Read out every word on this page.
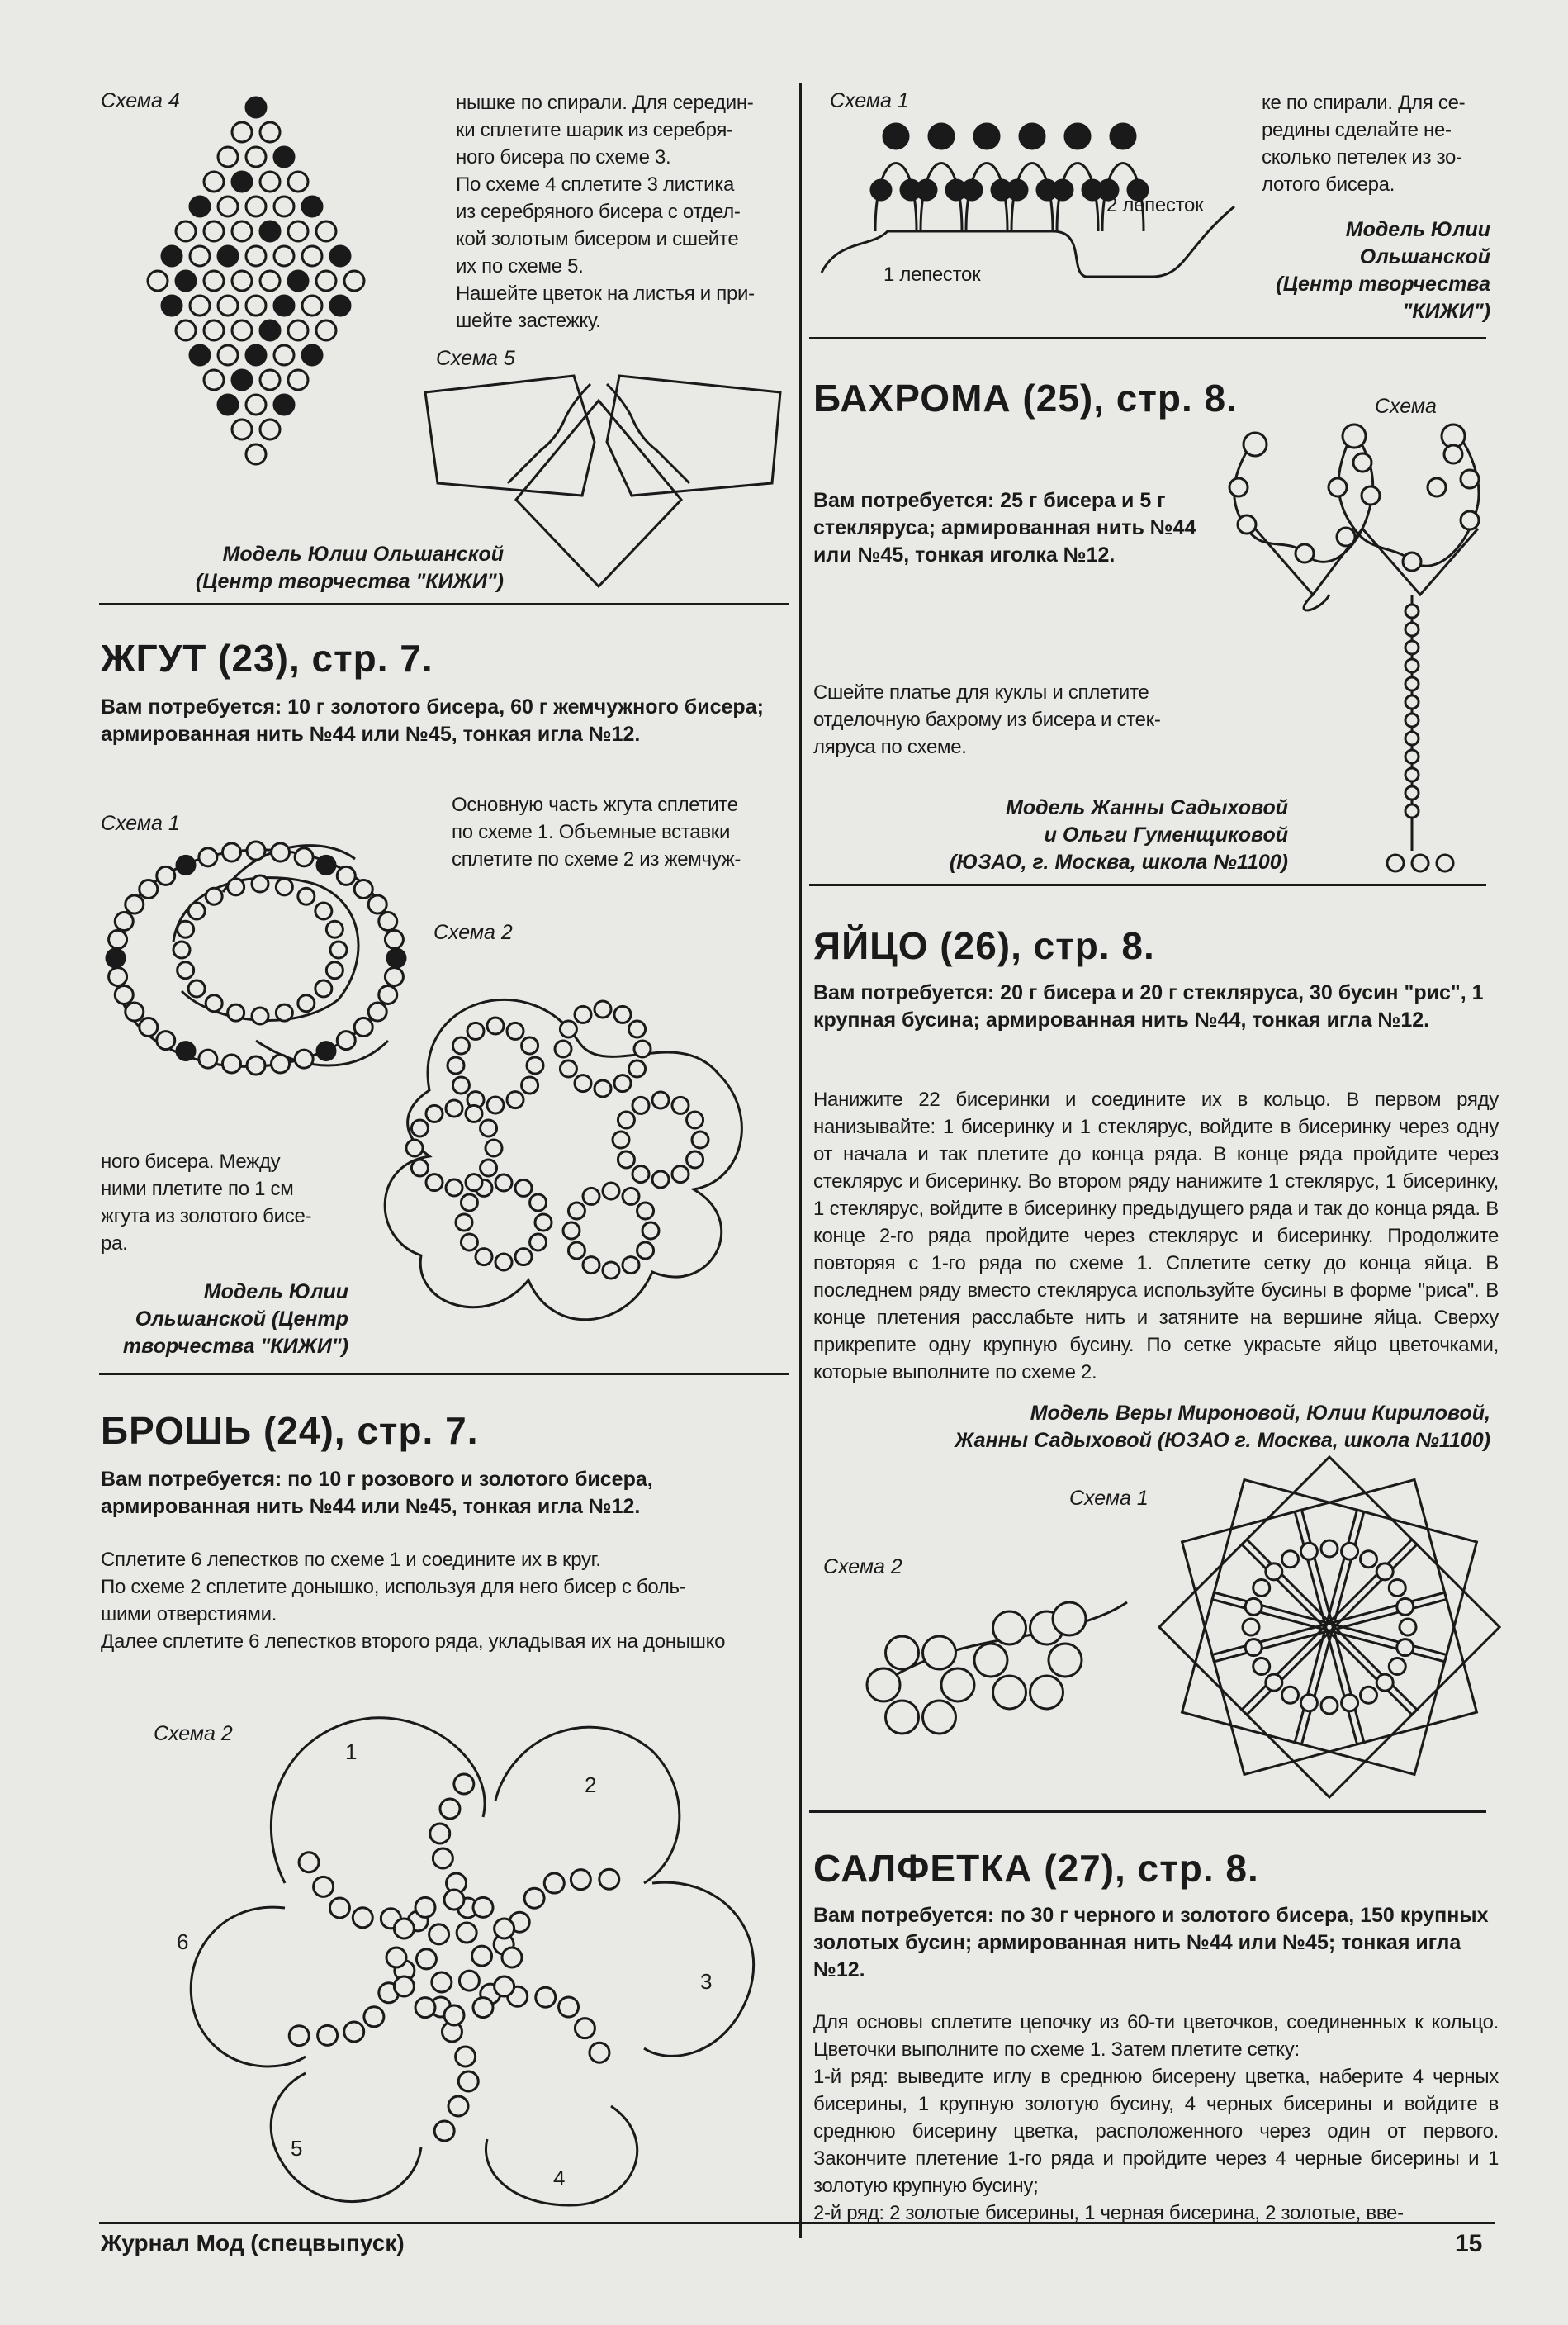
Схема 4	нышке по спирали. Для середин-
ки сплетите шарик из серебря-
ного бисера по схеме 3.
По схеме 4 сплетите 3 листика
из серебряного бисера с отдел-
кой золотым бисером и сшейте
их по схеме 5.
Нашейте цветок на листья и при-
шейте застежку.
Схема 5
Модель Юлии Ольшанской
(Центр творчества "КИЖИ")
ЖГУТ (23), стр. 7.
Вам потребуется: 10 г золотого бисера, 60 г жемчужного бисера; армированная нить №44 или №45, тонкая игла №12.
Схема 1
Основную часть жгута сплетите
по схеме 1. Объемные вставки
сплетите по схеме 2 из жемчуж-
Схема 2
ного бисера. Между
ними плетите по 1 см
жгута из золотого бисе-
ра.
Модель Юлии
Ольшанской (Центр
творчества "КИЖИ")
БРОШЬ (24), стр. 7.
Вам потребуется: по 10 г розового и золотого бисера, армированная нить №44 или №45, тонкая игла №12.
Сплетите 6 лепестков по схеме 1 и соедините их в круг.
По схеме 2 сплетите донышко, используя для него бисер с боль-
шими отверстиями.
Далее сплетите 6 лепестков второго ряда, укладывая их на донышко
Схема 2
1
2
3
4
5
6
Схема 1
1 лепесток
2 лепесток
ке по спирали. Для се-
редины сделайте не-
сколько петелек из зо-
лотого бисера.
Модель Юлии
Ольшанской
(Центр творчества
"КИЖИ")
БАХРОМА (25), стр. 8.	Схема
Вам потребуется: 25 г бисера и 5 г стекляруса; армированная нить №44 или №45, тонкая иголка №12.
Сшейте платье для куклы и сплетите
отделочную бахрому из бисера и стек-
ляруса по схеме.
Модель Жанны Садыховой
и Ольги Гуменщиковой
(ЮЗАО, г. Москва, школа №1100)
ЯЙЦО (26), стр. 8.
Вам потребуется: 20 г бисера и 20 г стекляруса, 30 бусин "рис", 1 крупная бусина; армированная нить №44, тонкая игла №12.
Нанижите 22 бисеринки и соедините их в кольцо. В первом ряду нанизывайте: 1 бисеринку и 1 стеклярус, войдите в бисеринку через одну от начала и так плетите до конца ряда. В конце ряда пройдите через стеклярус и бисеринку. Во втором ряду нанижите 1 стеклярус, 1 бисеринку, 1 стеклярус, войдите в бисеринку предыдущего ряда и так до конца ряда. В конце 2-го ряда пройдите через стеклярус и бисеринку. Продолжите повторяя с 1-го ряда по схеме 1. Сплетите сетку до конца яйца. В последнем ряду вместо стекляруса используйте бусины в форме "риса". В конце плетения расслабьте нить и затяните на вершине яйца. Сверху прикрепите одну крупную бусину. По сетке украсьте яйцо цветочками, которые выполните по схеме 2.
Модель Веры Мироновой, Юлии Кириловой,
Жанны Садыховой (ЮЗАО г. Москва, школа №1100)
Схема 1
Схема 2
САЛФЕТКА (27), стр. 8.
Вам потребуется: по 30 г черного и золотого бисера, 150 крупных золотых бусин; армированная нить №44 или №45; тонкая игла №12.
Для основы сплетите цепочку из 60-ти цветочков, соединенных к кольцо. Цветочки выполните по схеме 1. Затем плетите сетку:
1-й ряд: выведите иглу в среднюю бисерену цветка, наберите 4 черных бисерины, 1 крупную золотую бусину, 4 черных бисерины и войдите в среднюю бисерину цветка, расположенного через один от первого. Закончите плетение 1-го ряда и пройдите через 4 черные бисерины и 1 золотую крупную бусину;
2-й ряд: 2 золотые бисерины, 1 черная бисерина, 2 золотые, вве-
Журнал Мод (спецвыпуск)	15
